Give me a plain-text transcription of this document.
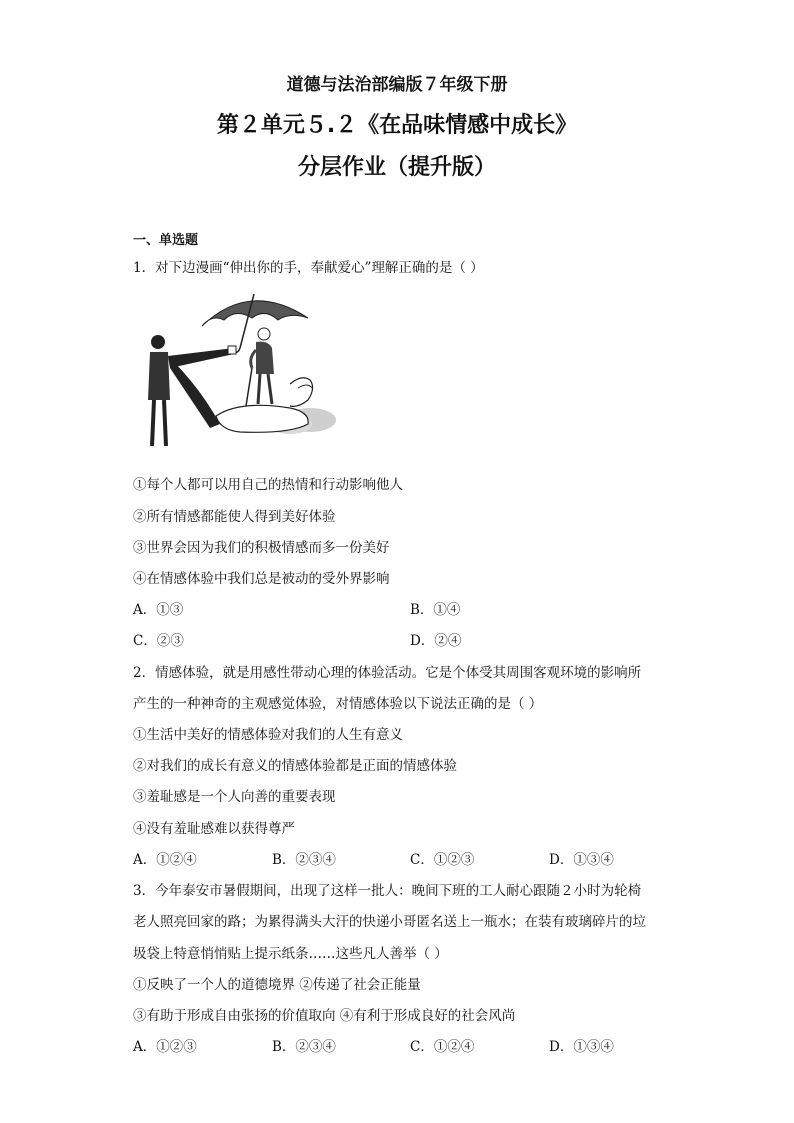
道德与法治部编版７年级下册
第２单元５.２《在品味情感中成长》
分层作业（提升版）
一、单选题
1．对下边漫画“伸出你的手，奉献爱心”理解正确的是（ ）
①每个人都可以用自己的热情和行动影响他人
②所有情感都能使人得到美好体验
③世界会因为我们的积极情感而多一份美好
④在情感体验中我们总是被动的受外界影响
A．①③	B．①④
C．②③	D．②④
2．情感体验，就是用感性带动心理的体验活动。它是个体受其周围客观环境的影响所
产生的一种神奇的主观感觉体验，对情感体验以下说法正确的是（ ）
①生活中美好的情感体验对我们的人生有意义
②对我们的成长有意义的情感体验都是正面的情感体验
③羞耻感是一个人向善的重要表现
④没有羞耻感难以获得尊严
A．①②④	B．②③④	C．①②③	D．①③④
3．今年泰安市暑假期间，出现了这样一批人：晚间下班的工人耐心跟随２小时为轮椅
老人照亮回家的路；为累得满头大汗的快递小哥匿名送上一瓶水；在装有玻璃碎片的垃
圾袋上特意悄悄贴上提示纸条……这些凡人善举（ ）
①反映了一个人的道德境界 ②传递了社会正能量
③有助于形成自由张扬的价值取向 ④有利于形成良好的社会风尚
A．①②③	B．②③④	C．①②④	D．①③④
